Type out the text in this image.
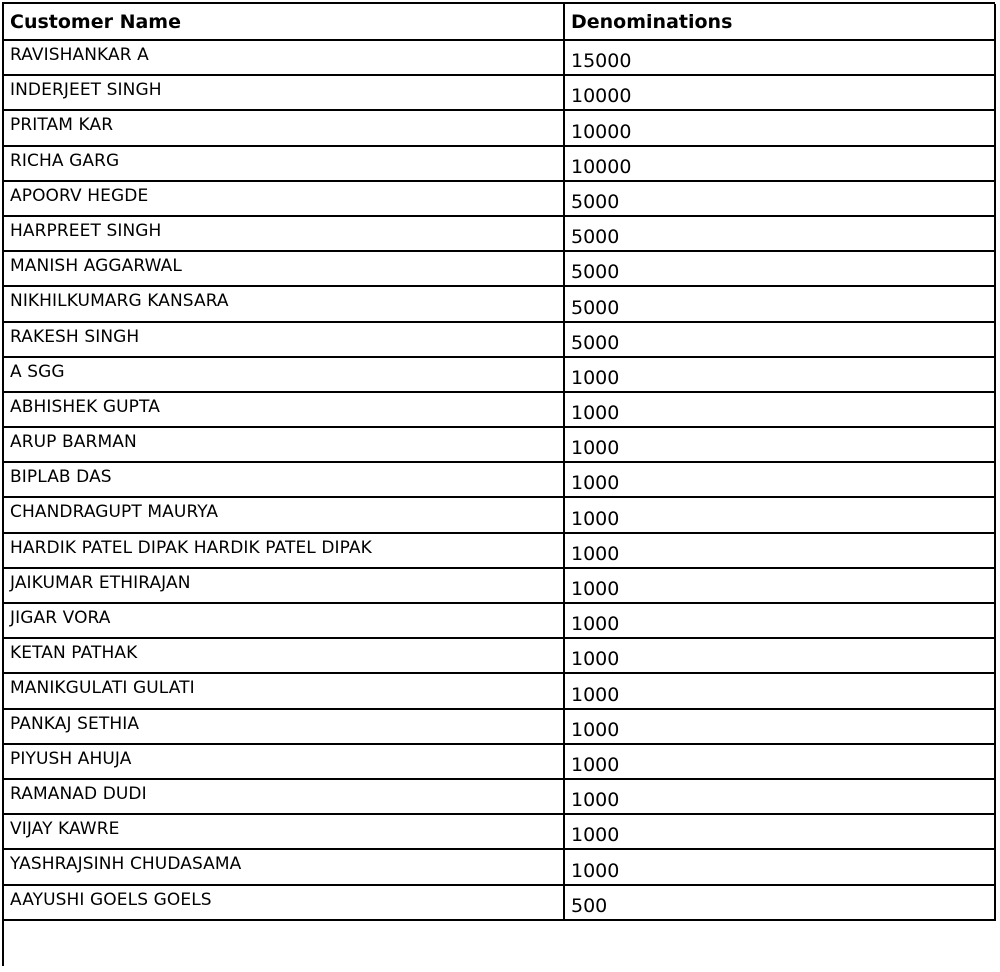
Customer Name	Denominations
RAVISHANKAR A	15000
INDERJEET SINGH	10000
PRITAM KAR	10000
RICHA GARG	10000
APOORV HEGDE	5000
HARPREET SINGH	5000
MANISH AGGARWAL	5000
NIKHILKUMARG KANSARA	5000
RAKESH SINGH	5000
A SGG	1000
ABHISHEK GUPTA	1000
ARUP BARMAN	1000
BIPLAB DAS	1000
CHANDRAGUPT MAURYA	1000
HARDIK PATEL DIPAK HARDIK PATEL DIPAK	1000
JAIKUMAR ETHIRAJAN	1000
JIGAR VORA	1000
KETAN PATHAK	1000
MANIKGULATI GULATI	1000
PANKAJ SETHIA	1000
PIYUSH AHUJA	1000
RAMANAD DUDI	1000
VIJAY KAWRE	1000
YASHRAJSINH CHUDASAMA	1000
AAYUSHI GOELS GOELS	500
